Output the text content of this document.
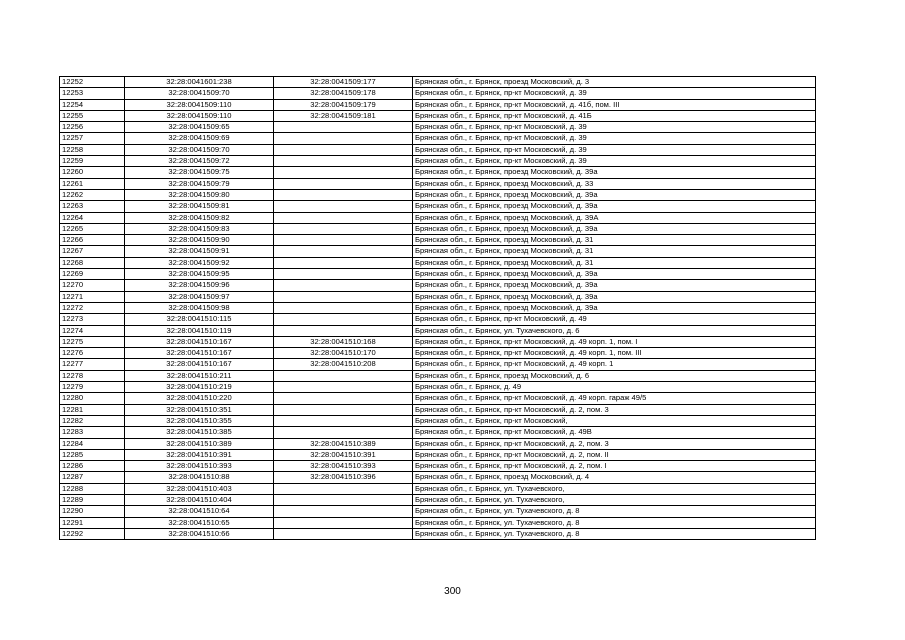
12252	32:28:0041601:238	32:28:0041509:177	Брянская обл., г. Брянск, проезд Московский, д. 3
12253	32:28:0041509:70	32:28:0041509:178	Брянская обл., г. Брянск, пр-кт Московский, д. 39
12254	32:28:0041509:110	32:28:0041509:179	Брянская обл., г. Брянск, пр-кт Московский, д. 41б, пом. III
12255	32:28:0041509:110	32:28:0041509:181	Брянская обл., г. Брянск, пр-кт Московский, д. 41Б
12256	32:28:0041509:65		Брянская обл., г. Брянск, пр-кт Московский, д. 39
12257	32:28:0041509:69		Брянская обл., г. Брянск, пр-кт Московский, д. 39
12258	32:28:0041509:70		Брянская обл., г. Брянск, пр-кт Московский, д. 39
12259	32:28:0041509:72		Брянская обл., г. Брянск, пр-кт Московский, д. 39
12260	32:28:0041509:75		Брянская обл., г. Брянск, проезд Московский, д. 39а
12261	32:28:0041509:79		Брянская обл., г. Брянск, проезд Московский, д. 33
12262	32:28:0041509:80		Брянская обл., г. Брянск, проезд Московский, д. 39а
12263	32:28:0041509:81		Брянская обл., г. Брянск, проезд Московский, д. 39а
12264	32:28:0041509:82		Брянская обл., г. Брянск, проезд Московский, д. 39А
12265	32:28:0041509:83		Брянская обл., г. Брянск, проезд Московский, д. 39а
12266	32:28:0041509:90		Брянская обл., г. Брянск, проезд Московский, д. 31
12267	32:28:0041509:91		Брянская обл., г. Брянск, проезд Московский, д. 31
12268	32:28:0041509:92		Брянская обл., г. Брянск, проезд Московский, д. 31
12269	32:28:0041509:95		Брянская обл., г. Брянск, проезд Московский, д. 39а
12270	32:28:0041509:96		Брянская обл., г. Брянск, проезд Московский, д. 39а
12271	32:28:0041509:97		Брянская обл., г. Брянск, проезд Московский, д. 39а
12272	32:28:0041509:98		Брянская обл., г. Брянск, проезд Московский, д. 39а
12273	32:28:0041510:115		Брянская обл., г. Брянск, пр-кт Московский, д. 49
12274	32:28:0041510:119		Брянская обл., г. Брянск, ул. Тухачевского, д. 6
12275	32:28:0041510:167	32:28:0041510:168	Брянская обл., г. Брянск, пр-кт Московский, д. 49 корп. 1, пом. I
12276	32:28:0041510:167	32:28:0041510:170	Брянская обл., г. Брянск, пр-кт Московский, д. 49 корп. 1, пом. III
12277	32:28:0041510:167	32:28:0041510:208	Брянская обл., г. Брянск, пр-кт Московский, д. 49 корп. 1
12278	32:28:0041510:211		Брянская обл., г. Брянск, проезд Московский, д. 6
12279	32:28:0041510:219		Брянская обл., г. Брянск, д. 49
12280	32:28:0041510:220		Брянская обл., г. Брянск, пр-кт Московский, д. 49 корп. гараж 49/5
12281	32:28:0041510:351		Брянская обл., г. Брянск, пр-кт Московский, д. 2, пом. 3
12282	32:28:0041510:355		Брянская обл., г. Брянск, пр-кт Московский,
12283	32:28:0041510:385		Брянская обл., г. Брянск, пр-кт Московский, д. 49В
12284	32:28:0041510:389	32:28:0041510:389	Брянская обл., г. Брянск, пр-кт Московский, д. 2, пом. 3
12285	32:28:0041510:391	32:28:0041510:391	Брянская обл., г. Брянск, пр-кт Московский, д. 2, пом. II
12286	32:28:0041510:393	32:28:0041510:393	Брянская обл., г. Брянск, пр-кт Московский, д. 2, пом. I
12287	32:28:0041510:88	32:28:0041510:396	Брянская обл., г. Брянск, проезд Московский, д. 4
12288	32:28:0041510:403		Брянская обл., г. Брянск, ул. Тухачевского,
12289	32:28:0041510:404		Брянская обл., г. Брянск, ул. Тухачевского,
12290	32:28:0041510:64		Брянская обл., г. Брянск, ул. Тухачевского, д. 8
12291	32:28:0041510:65		Брянская обл., г. Брянск, ул. Тухачевского, д. 8
12292	32:28:0041510:66		Брянская обл., г. Брянск, ул. Тухачевского, д. 8
300
